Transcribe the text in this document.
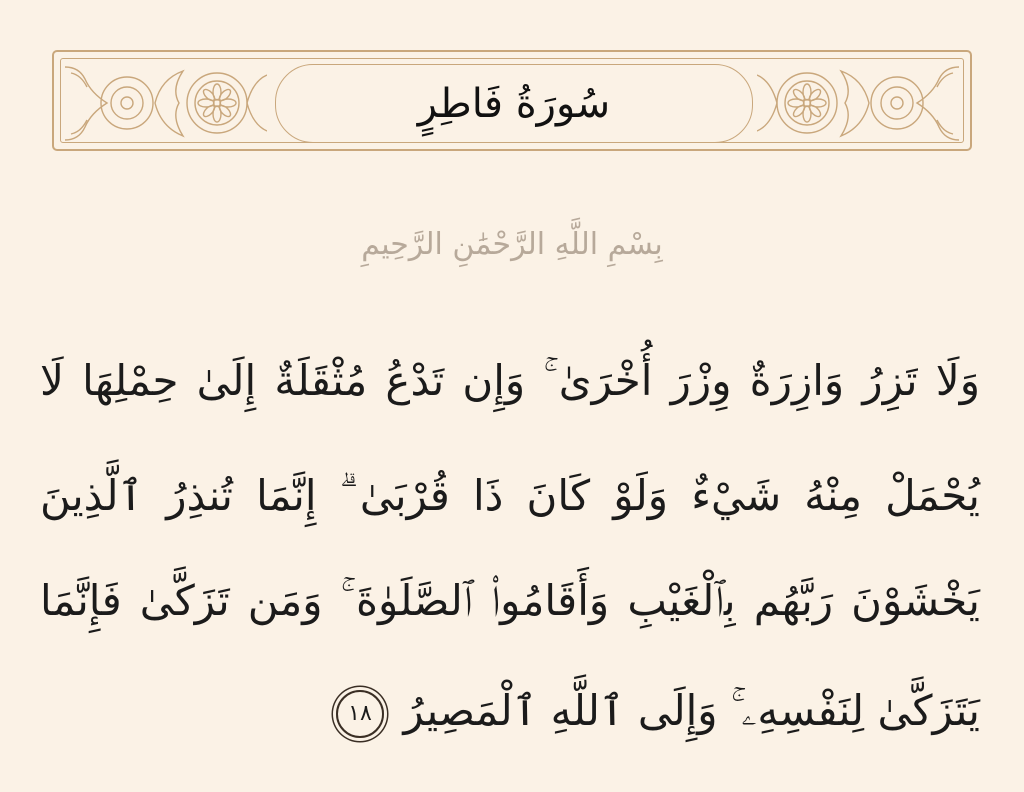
سُورَةُ فَاطِرٍ
بِسْمِ اللَّهِ الرَّحْمَٰنِ الرَّحِيمِ
وَلَا تَزِرُ وَازِرَةٌ وِزْرَ أُخْرَىٰ ۚ وَإِن تَدْعُ مُثْقَلَةٌ إِلَىٰ حِمْلِهَا لَا
يُحْمَلْ مِنْهُ شَيْءٌ وَلَوْ كَانَ ذَا قُرْبَىٰ ۗ إِنَّمَا تُنذِرُ ٱلَّذِينَ
يَخْشَوْنَ رَبَّهُم بِٱلْغَيْبِ وَأَقَامُوا۟ ٱلصَّلَوٰةَ ۚ وَمَن تَزَكَّىٰ فَإِنَّمَا
يَتَزَكَّىٰ لِنَفْسِهِۦ ۚ وَإِلَى ٱللَّهِ ٱلْمَصِيرُ ١٨
